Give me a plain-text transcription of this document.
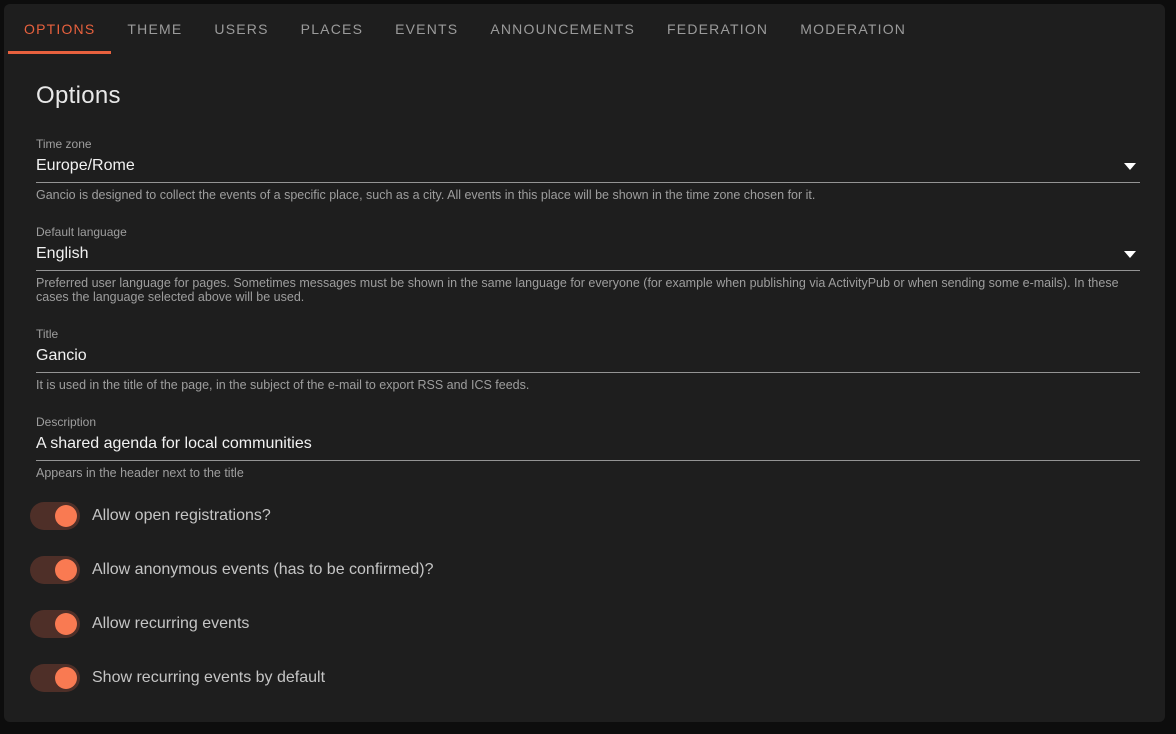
OPTIONS	THEME	USERS	PLACES	EVENTS	ANNOUNCEMENTS	FEDERATION	MODERATION
Options
Time zone
Europe/Rome
Gancio is designed to collect the events of a specific place, such as a city. All events in this place will be shown in the time zone chosen for it.
Default language
English
Preferred user language for pages. Sometimes messages must be shown in the same language for everyone (for example when publishing via ActivityPub or when sending some e-mails). In these cases the language selected above will be used.
Title
Gancio
It is used in the title of the page, in the subject of the e-mail to export RSS and ICS feeds.
Description
A shared agenda for local communities
Appears in the header next to the title
Allow open registrations?
Allow anonymous events (has to be confirmed)?
Allow recurring events
Show recurring events by default
